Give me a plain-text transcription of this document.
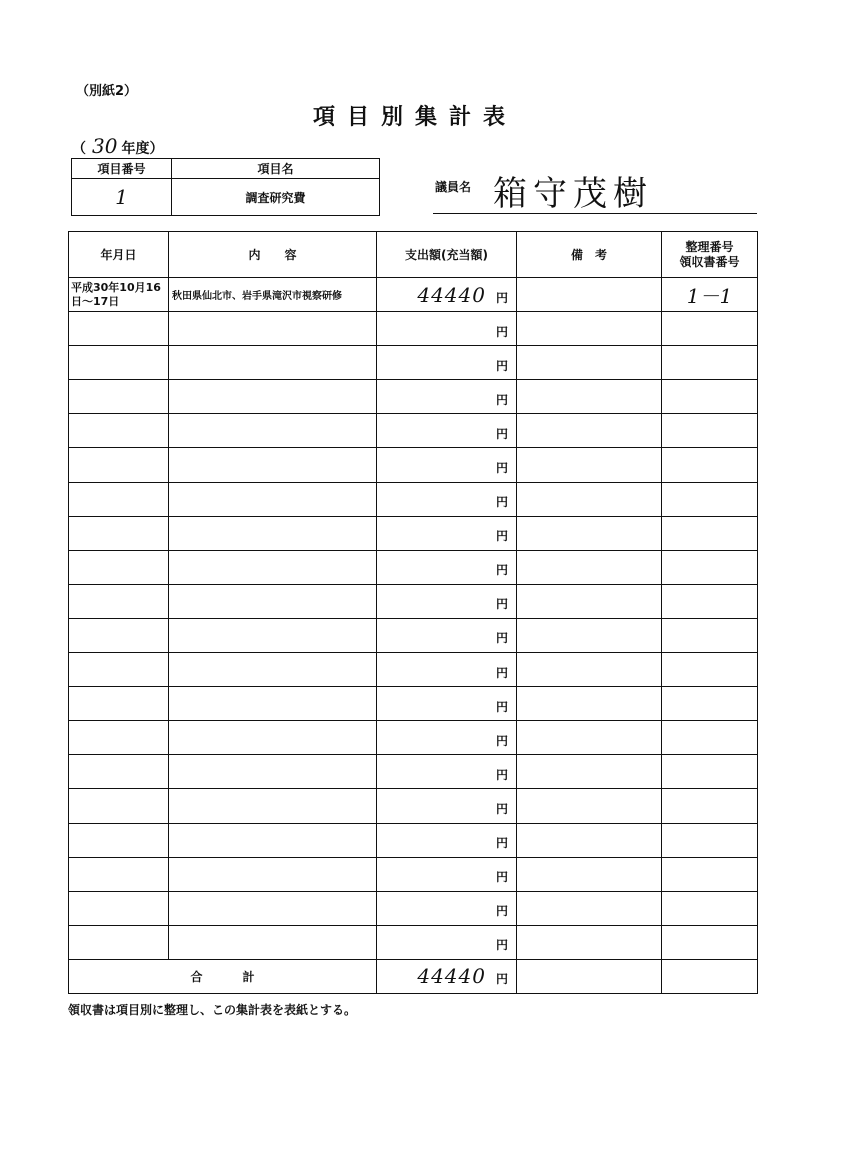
（別紙2）
項目別集計表
（ 30 年度）
項目番号	項目名
1	調査研究費
議員名 箱守茂樹
年月日	内　　容	支出額(充当額)	備　考	整理番号
領収書番号

平成30年10月16日～17日	秋田県仙北市、岩手県滝沢市視察研修	44440 円		1－1
		円		
		円		
		円		
		円		
		円		
		円		
		円		
		円		
		円		
		円		
		円		
		円		
		円		
		円		
		円		
		円		
		円		
		円		
		円		
合計		44440 円		
領収書は項目別に整理し、この集計表を表紙とする。
